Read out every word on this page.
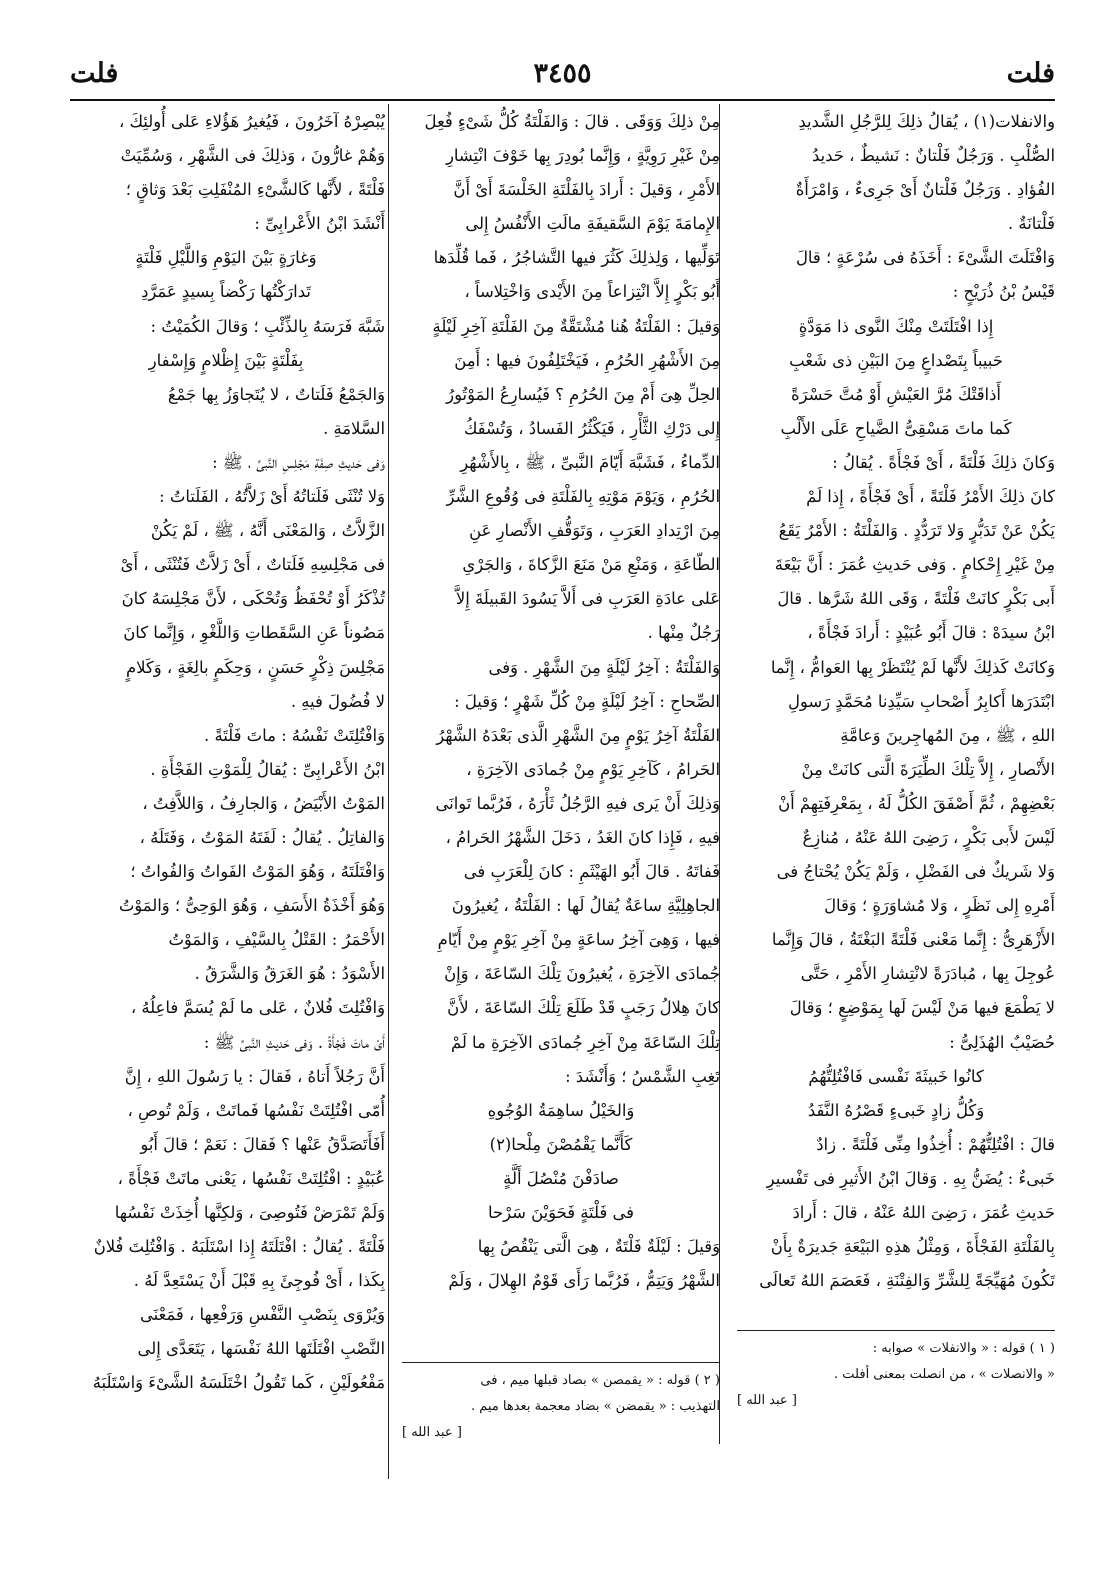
فلت
٣٤٥٥
فلت
والانفلات(١) ، يُقالُ ذلِكَ لِلرَّجُلِ الشَّديدِ
الصُّلْبِ . وَرَجُلٌ فَلْتانٌ : نَشيطٌ ، حَديدُ
الفُؤادِ . وَرَجُلٌ فَلْتانٌ أَىْ جَرِىءٌ ، وَامْرَأَةٌ
فَلْتانَةٌ .
وَافْتَلَتَ الشَّىْءَ : أَخَذَهُ فى سُرْعَةٍ ؛ قالَ
قَيْسُ بْنُ ذُرَيْحٍ :
إِذا افْتَلَتَتْ مِنْكَ النَّوى ذا مَوَدَّةٍ
حَبيباً بِتَصْداعٍ مِنَ البَيْنِ ذى شَعْبِ
أَذاقَتْكَ مُرَّ العَيْشِ أَوْ مُتَّ حَسْرَةً
كَما ماتَ مَسْقِىُّ الضَّياحِ عَلَى الأَلْبِ
وَكانَ ذلِكَ فَلْتَةً ، أَىْ فَجْأَةً . يُقالُ :
كانَ ذلِكَ الأَمْرُ فَلْتَةً ، أَىْ فَجْأَةً ، إِذا لَمْ
يَكُنْ عَنْ تَدَبُّرٍ وَلا تَرَدُّدٍ . وَالفَلْتَةُ : الأَمْرُ يَقَعُ
مِنْ غَيْرِ إِحْكامٍ . وَفى حَديثِ عُمَرَ : أَنَّ بَيْعَةَ
أَبى بَكْرٍ كانَتْ فَلْتَةً ، وَقَى اللهُ شَرَّها . قالَ
ابْنُ سيدَهْ : قالَ أَبُو عُبَيْدٍ : أَرادَ فَجْأَةً ،
وَكانَتْ كَذلِكَ لأَنَّها لَمْ يُنْتَظَرْ بِها العَوامُّ ، إِنَّما
ابْتَدَرَها أَكابِرُ أَصْحابِ سَيِّدِنا مُحَمَّدٍ رَسولِ
اللهِ ، ﷺ ، مِنَ المُهاجِرينَ وَعامَّةِ
الأَنْصارِ ، إِلاَّ تِلْكَ الطِّيَرَةَ الَّتى كانَتْ مِنْ
بَعْضِهِمْ ، ثُمَّ أَصْفَقَ الكُلُّ لَهُ ، بِمَعْرِفَتِهِمْ أَنْ
لَيْسَ لأَبى بَكْرٍ ، رَضِىَ اللهُ عَنْهُ ، مُنازِعٌ
وَلا شَريكٌ فى الفَضْلِ ، وَلَمْ يَكُنْ يُحْتاجُ فى
أَمْرِهِ إِلى نَظَرٍ ، وَلا مُشاوَرَةٍ ؛ وَقالَ
الأَزْهَرِىُّ : إِنَّما مَعْنى فَلْتَةً البَغْتَةُ ، قالَ وَإِنَّما
عُوجِلَ بِها ، مُبادَرَةً لانْتِشارِ الأَمْرِ ، حَتَّى
لا يَطْمَعَ فيها مَنْ لَيْسَ لَها بِمَوْضِعٍ ؛ وَقالَ
حُصَيْبٌ الهُذَلِىُّ :
كانُوا خَبيثَةَ نَفْسى فَافْتُلِتُّهُمُ
وَكُلُّ زادٍ خَبىءٍ قَصْرُهُ النَّفَدُ
قالَ : افْتُلِتُّهُمْ : أُخِذُوا مِنِّى فَلْتَةً . زادٌ
خَبىءٌ : يُضَنُّ بِهِ . وَقالَ ابْنُ الأَثيرِ فى تَفْسيرِ
حَديثِ عُمَرَ ، رَضِىَ اللهُ عَنْهُ ، قالَ : أَرادَ
بِالفَلْتَةِ الفَجْأَةَ ، وَمِثْلُ هذِهِ البَيْعَةِ جَديرَةٌ بِأَنْ
تَكُونَ مُهَيِّجَةً لِلشَّرِّ وَالفِتْنَةِ ، فَعَصَمَ اللهُ تَعالَى
مِنْ ذلِكَ وَوَقَى . قالَ : وَالفَلْتَةُ كُلُّ شَىْءٍ فُعِلَ
مِنْ غَيْرِ رَوِيَّةٍ ، وَإِنَّما بُودِرَ بِها خَوْفَ انْتِشارِ
الأَمْرِ ، وَقيلَ : أَرادَ بِالفَلْتَةِ الخَلْسَةَ أَىْ أَنَّ
الإِمامَةَ يَوْمَ السَّقيفَةِ مالَتِ الأَنْفُسُ إِلى
تَوَلِّيها ، وَلِذلِكَ كَثُرَ فيها التَّشاجُرُ ، فَما قُلِّدَها
أَبُو بَكْرٍ إِلاَّ انْتِزاعاً مِنَ الأَيْدى وَاخْتِلاساً ،
وَقيلَ : الفَلْتَةُ هُنا مُشْتَقَّةٌ مِنَ الفَلْتَةِ آخِرِ لَيْلَةٍ
مِنَ الأَشْهُرِ الحُرُمِ ، فَيَخْتَلِفُونَ فيها : أَمِنَ
الحِلِّ هِىَ أَمْ مِنَ الحُرُمِ ؟ فَيُسارِعُ المَوْتُورُ
إِلى دَرْكِ الثَّأْرِ ، فَيَكْثُرُ الفَسادُ ، وَتُسْفَكُ
الدِّماءُ ، فَشَبَّهَ أَيّامَ النَّبىِّ ، ﷺ ، بِالأَشْهُرِ
الحُرُمِ ، وَيَوْمَ مَوْتِهِ بِالفَلْتَةِ فى وُقُوعِ الشَّرِّ
مِنَ ارْتِدادِ العَرَبِ ، وَتَوَقُّفِ الأَنْصارِ عَنِ
الطّاعَةِ ، وَمَنْعِ مَنْ مَنَعَ الزَّكاةَ ، وَالجَرْىِ
عَلى عادَةِ العَرَبِ فى أَلاَّ يَسُودَ القَبيلَةَ إِلاَّ
رَجُلٌ مِنْها .
وَالفَلْتَةُ : آخِرُ لَيْلَةٍ مِنَ الشَّهْرِ . وَفى
الصِّحاحِ : آخِرُ لَيْلَةٍ مِنْ كُلِّ شَهْرٍ ؛ وَقيلَ :
الفَلْتَةُ آخِرُ يَوْمٍ مِنَ الشَّهْرِ الَّذى بَعْدَهُ الشَّهْرُ
الحَرامُ ، كَآخِرِ يَوْمٍ مِنْ جُمادَى الآخِرَةِ ،
وَذلِكَ أَنْ يَرى فيهِ الرَّجُلُ ثَأْرَهُ ، فَرُبَّما تَوانَى
فيهِ ، فَإِذا كانَ الغَدُ ، دَخَلَ الشَّهْرُ الحَرامُ ،
فَفاتَهُ . قالَ أَبُو الهَيْثَمِ : كانَ لِلْعَرَبِ فى
الجاهِلِيَّةِ ساعَةٌ يُقالُ لَها : الفَلْتَةُ ، يُغيرُونَ
فيها ، وَهِىَ آخِرُ ساعَةٍ مِنْ آخِرِ يَوْمٍ مِنْ أَيّامِ
جُمادَى الآخِرَةِ ، يُغيرُونَ تِلْكَ السّاعَةَ ، وَإِنْ
كانَ هِلالُ رَجَبٍ قَدْ طَلَعَ تِلْكَ السّاعَةَ ، لأَنَّ
تِلْكَ السّاعَةَ مِنْ آخِرِ جُمادَى الآخِرَةِ ما لَمْ
تَغِبِ الشَّمْسُ ؛ وَأَنْشَدَ :
وَالخَيْلُ ساهِمَةُ الوُجُوهِ
كَأَنَّما يَقْمُصْنَ مِلْحا(٢)
صادَفْنَ مُنْصُلَ أَلَّةٍ
فى فَلْتَةٍ فَحَوَيْنَ سَرْحا
وَقيلَ : لَيْلَةٌ فَلْتَةٌ ، هِىَ الَّتى يَنْقُصُ بِها
الشَّهْرُ وَيَتِمُّ ، فَرُبَّما رَأَى قَوْمٌ الهِلالَ ، وَلَمْ
يُبْصِرْهُ آخَرُونَ ، فَيُغيرُ هَؤُلاءِ عَلى أُولئِكَ ،
وَهُمْ غارُّونَ ، وَذلِكَ فى الشَّهْرِ ، وَسُمِّيَتْ
فَلْتَةً ، لأَنَّها كَالشَّىْءِ المُنْفَلِتِ بَعْدَ وَثاقٍ ؛
أَنْشَدَ ابْنُ الأَعْرابِىِّ :
وَغارَةٍ بَيْنَ اليَوْمِ وَاللَّيْلِ فَلْتَةٍ
تَدارَكْتُها رَكْضاً بِسيدٍ عَمَرَّدِ
شَبَّهَ فَرَسَهُ بِالذِّئْبِ ؛ وَقالَ الكُمَيْتُ :
بِفَلْتَةٍ بَيْنَ إِظْلامٍ وَإِسْفارِ
وَالجَمْعُ فَلَتاتٌ ، لا يُتَجاوَزُ بِها جَمْعُ
السَّلامَةِ .
وَفى حَديثِ صِفَةِ مَجْلِسِ النَّبىِّ ، ﷺ :
وَلا تُنْثَى فَلَتاتُهُ أَىْ زَلاَّتُهُ ، الفَلَتاتُ :
الزَّلاَّتُ ، وَالمَعْنَى أَنَّهُ ، ﷺ ، لَمْ يَكُنْ
فى مَجْلِسِهِ فَلَتاتٌ ، أَىْ زَلاَّتٌ فَتُنْثَى ، أَىْ
تُذْكَرُ أَوْ تُحْفَظُ وَتُحْكَى ، لأَنَّ مَجْلِسَهُ كانَ
مَصُوناً عَنِ السَّقَطاتِ وَاللَّغْوِ ، وَإِنَّما كانَ
مَجْلِسَ ذِكْرٍ حَسَنٍ ، وَحِكَمٍ بالِغَةٍ ، وَكَلامٍ
لا فُضُولَ فيهِ .
وَافْتُلِتَتْ نَفْسُهُ : ماتَ فَلْتَةً .
ابْنُ الأَعْرابِىِّ : يُقالُ لِلْمَوْتِ الفَجْأَةِ .
المَوْتُ الأَبْيَضُ ، وَالجارِفُ ، وَاللاَّفِتُ ،
وَالفاتِلُ . يُقالُ : لَفَتَهُ المَوْتُ ، وَفَتَلَهُ ،
وَافْتَلَتَهُ ، وَهُوَ المَوْتُ الفَواتُ وَالفُواتُ ؛
وَهُوَ أَخْذَةُ الأَسَفِ ، وَهُوَ الوَحِىُّ ؛ وَالمَوْتُ
الأَحْمَرُ : القَتْلُ بِالسَّيْفِ ، وَالمَوْتُ
الأَسْوَدُ : هُوَ الغَرَقُ وَالشَّرَقُ .
وَافْتُلِتَ فُلانٌ ، عَلى ما لَمْ يُسَمَّ فاعِلُهُ ،
أَىْ ماتَ فَجْأَةً . وَفى حَديثِ النَّبىِّ ﷺ :
أَنَّ رَجُلاً أَتاهُ ، فَقالَ : يا رَسُولَ اللهِ ، إِنَّ
أُمّى افْتُلِتَتْ نَفْسُها فَماتَتْ ، وَلَمْ تُوصِ ،
أَفَأَتَصَدَّقُ عَنْها ؟ فَقالَ : نَعَمْ ؛ قالَ أَبُو
عُبَيْدٍ : افْتُلِتَتْ نَفْسُها ، يَعْنى ماتَتْ فَجْأَةً ،
وَلَمْ تَمْرَضْ فَتُوصِىَ ، وَلكِنَّها أُخِذَتْ نَفْسُها
فَلْتَةً . يُقالُ : افْتَلَتَهُ إِذا اسْتَلَبَهُ . وَافْتُلِتَ فُلانٌ
بِكَذا ، أَىْ فُوجِئَ بِهِ قَبْلَ أَنْ يَسْتَعِدَّ لَهُ .
وَيُرْوَى بِنَصْبِ النَّفْسِ وَرَفْعِها ، فَمَعْنَى
النَّصْبِ افْتَلَتَها اللهُ نَفْسَها ، يَتَعَدَّى إِلى
مَفْعُولَيْنِ ، كَما تَقُولُ اخْتَلَسَهُ الشَّىْءَ وَاسْتَلَبَهُ
( ١ ) قوله : « والانفلات » صوابه :
« والانصلات » ، من انصلت بمعنى أفلت .
[ عبد الله ]
( ٢ ) قوله : « يقمصن » بصاد قبلها ميم ، فى
التهذيب : « يقمضن » بضاد معجمة بعدها ميم .
[ عبد الله ]
